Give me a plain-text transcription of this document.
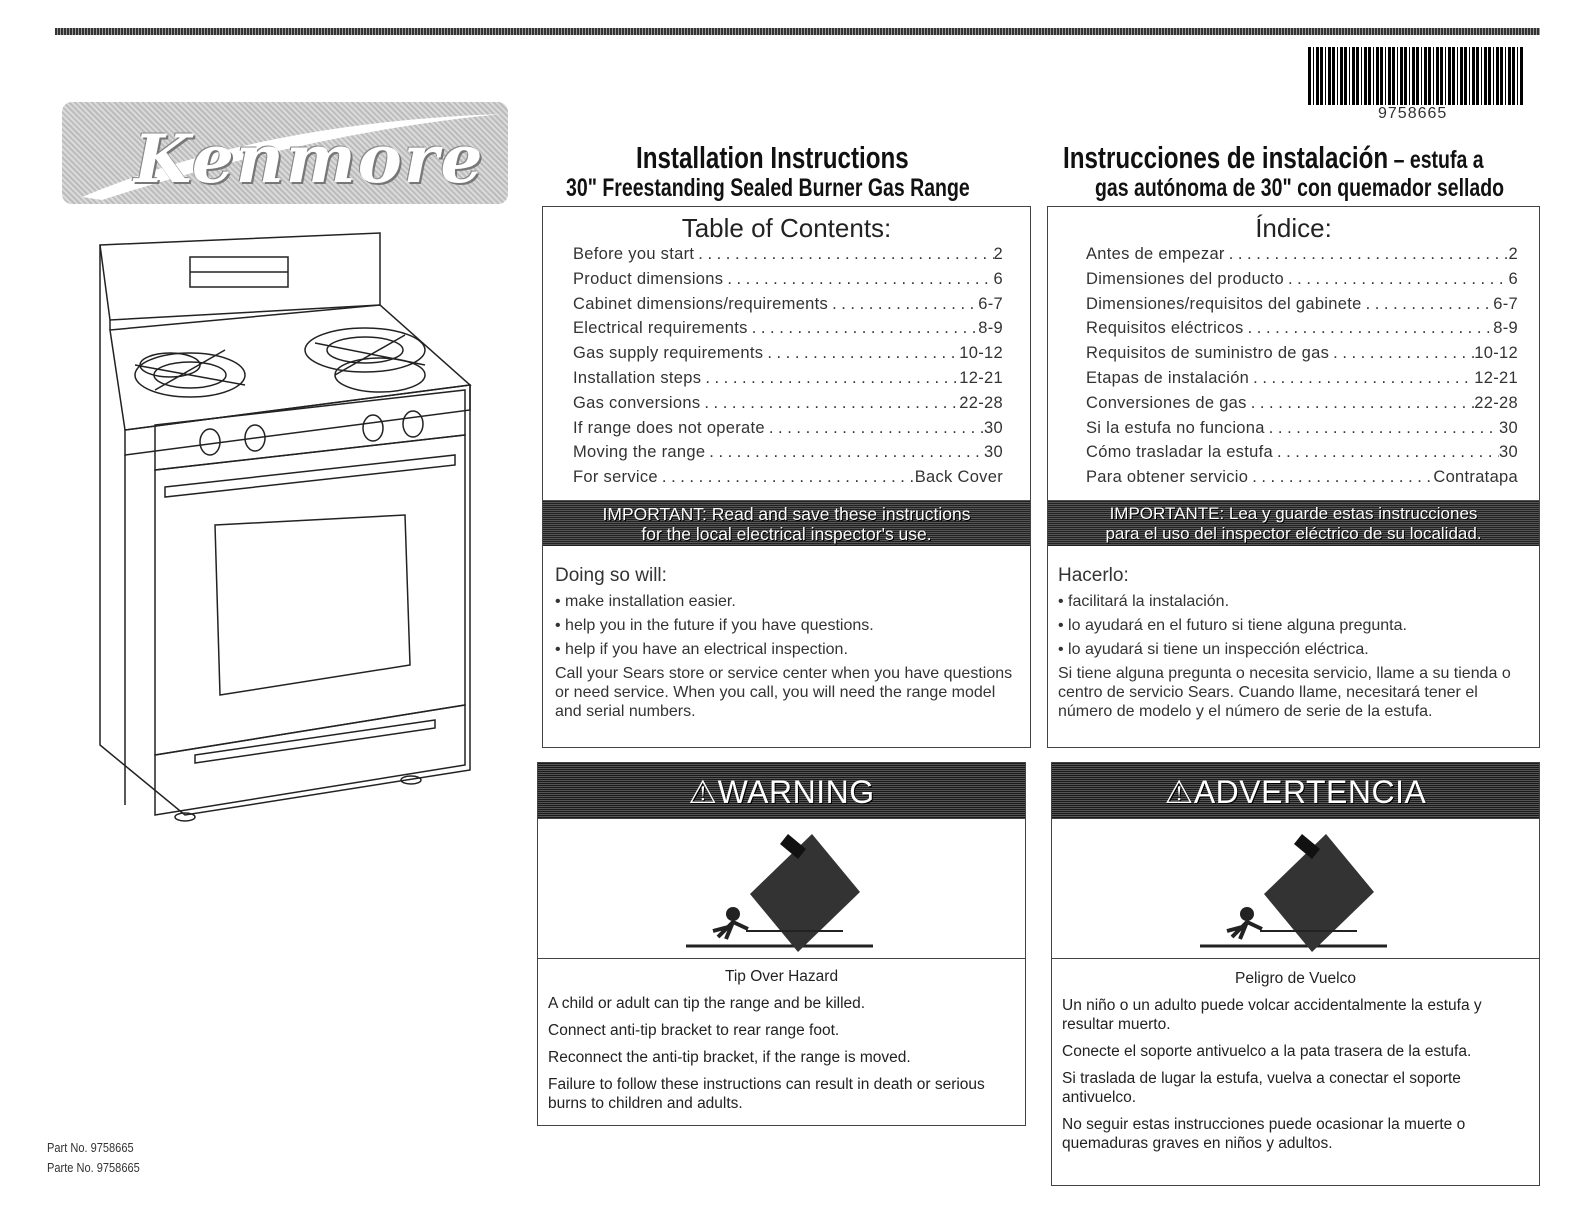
9758665
Kenmore
Part No. 9758665
Parte No. 9758665
Installation Instructions
30" Freestanding Sealed Burner Gas Range
Instrucciones de instalación – estufa a
gas autónoma de 30" con quemador sellado
Table of Contents:
Before you start . . .	2
Product dimensions . . .	6
Cabinet dimensions/requirements . . .	6-7
Electrical requirements . . .	8-9
Gas supply requirements . . .	10-12
Installation steps . . .	12-21
Gas conversions . . .	22-28
If range does not operate . . .	30
Moving the range . . .	30
For service . . .	Back Cover
IMPORTANT: Read and save these instructions
for the local electrical inspector's use.
Doing so will:
• make installation easier.
• help you in the future if you have questions.
• help if you have an electrical inspection.
Call your Sears store or service center when you have questions or need service. When you call, you will need the range model and serial numbers.
Índice:
Antes de empezar . . .	2
Dimensiones del producto . . .	6
Dimensiones/requisitos del gabinete . . .	6-7
Requisitos eléctricos . . .	8-9
Requisitos de suministro de gas . . .	10-12
Etapas de instalación . . .	12-21
Conversiones de gas . . .	22-28
Si la estufa no funciona . . .	30
Cómo trasladar la estufa . . .	30
Para obtener servicio . . .	Contratapa
IMPORTANTE: Lea y guarde estas instrucciones
para el uso del inspector eléctrico de su localidad.
Hacerlo:
• facilitará la instalación.
• lo ayudará en el futuro si tiene alguna pregunta.
• lo ayudará si tiene un inspección eléctrica.
Si tiene alguna pregunta o necesita servicio, llame a su tienda o centro de servicio Sears. Cuando llame, necesitará tener el número de modelo y el número de serie de la estufa.
⚠WARNING
Tip Over Hazard

A child or adult can tip the range and be killed.

Connect anti-tip bracket to rear range foot.

Reconnect the anti-tip bracket, if the range is moved.

Failure to follow these instructions can result in death or serious burns to children and adults.

⚠ADVERTENCIA
Peligro de Vuelco

Un niño o un adulto puede volcar accidentalmente la estufa y resultar muerto.

Conecte el soporte antivuelco a la pata trasera de la estufa.

Si traslada de lugar la estufa, vuelva a conectar el soporte antivuelco.

No seguir estas instrucciones puede ocasionar la muerte o quemaduras graves en niños y adultos.
